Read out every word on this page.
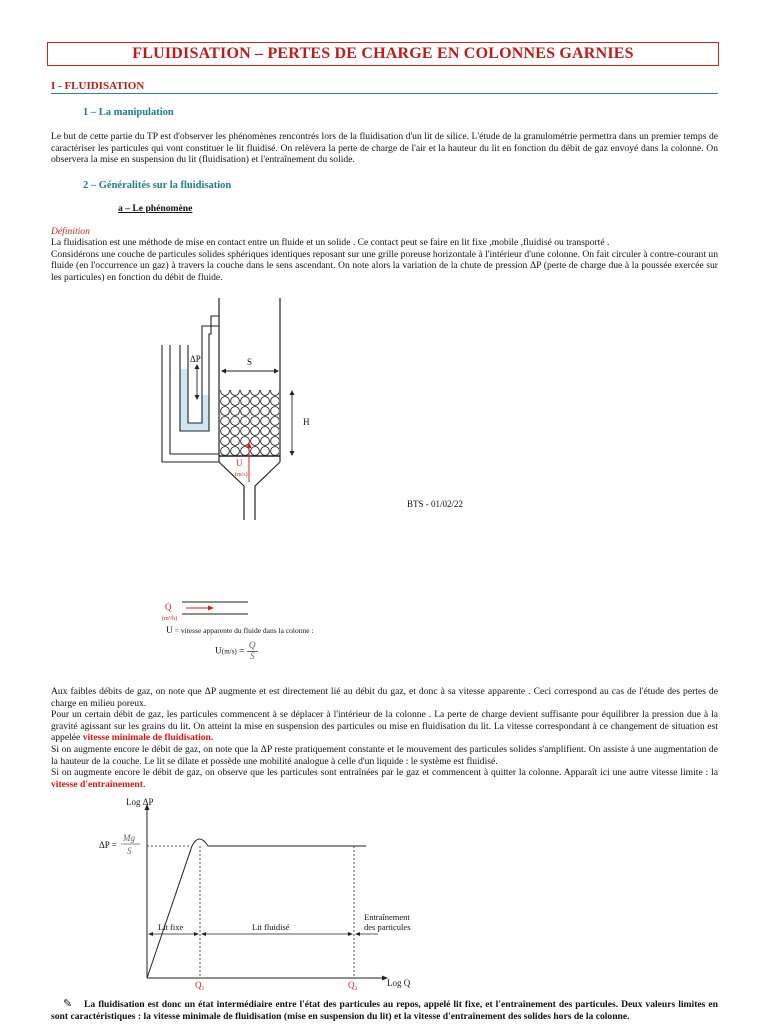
FLUIDISATION – PERTES DE CHARGE EN COLONNES GARNIES
I - FLUIDISATION
1 – La manipulation

Le but de cette partie du TP est d'observer les phénomènes rencontrés lors de la fluidisation d'un lit de silice. L'étude de la granulométrie permettra dans un premier temps de caractériser les particules qui vont constituer le lit fluidisé. On relèvera la perte de charge de l'air et la hauteur du lit en fonction du débit de gaz envoyé dans la colonne. On observera la mise en suspension du lit (fluidisation) et l'entraînement du solide.

2 – Généralités sur la fluidisation
a – Le phénomène
Définition

La fluidisation est une méthode de mise en contact entre un fluide et un solide . Ce contact peut se faire en lit fixe ,mobile ,fluidisé ou transporté .

Considérons une couche de particules solides sphériques identiques reposant sur une grille poreuse horizontale à l'intérieur d'une colonne. On fait circuler à contre-courant un fluide (en l'occurrence un gaz) à travers la couche dans le sens ascendant. On note alors la variation de la chute de pression ΔP (perte de charge due à la poussée exercée sur les particules) en fonction du débit de fluide.

ΔP	S
H
U
(m/s)
BTS - 01/02/22
Q
(m³/h)
U = vitesse apparente du fluide dans la colonne :
$U(m/s) = \frac{Q}{S}$

Aux faibles débits de gaz, on note que ΔP augmente et est directement lié au débit du gaz, et donc à sa vitesse apparente . Ceci correspond au cas de l'étude des pertes de charge en milieu poreux.

Pour un certain débit de gaz, les particules commencent à se déplacer à l'intérieur de la colonne . La perte de charge devient suffisante pour équilibrer la pression due à la gravité agissant sur les grains du lit. On atteint la mise en suspension des particules ou mise en fluidisation du lit. La vitesse correspondant à ce changement de situation est appelée vitesse minimale de fluidisation.

Si on augmente encore le débit de gaz, on note que la ΔP reste pratiquement constante et le mouvement des particules solides s'amplifient. On assiste à une augmentation de la hauteur de la couche. Le lit se dilate et possède une mobilité analogue à celle d'un liquide : le système est fluidisé.

Si on augmente encore le débit de gaz, on observe que les particules sont entraînées par le gaz et commencent à quitter la colonne. Apparaît ici une autre vitesse limite : la vitesse d'entraînement.

Log ΔP
Log Q
ΔP =
Mg
S
Lit fixe	Lit fluidisé
Entraînement
des particules
Q₁	Q₂
✎	La fluidisation est donc un état intermédiaire entre l'état des particules au repos, appelé lit fixe, et l'entraînement des particules. Deux valeurs limites en sont caractéristiques : la vitesse minimale de fluidisation (mise en suspension du lit) et la vitesse d'entraînement des solides hors de la colonne.
